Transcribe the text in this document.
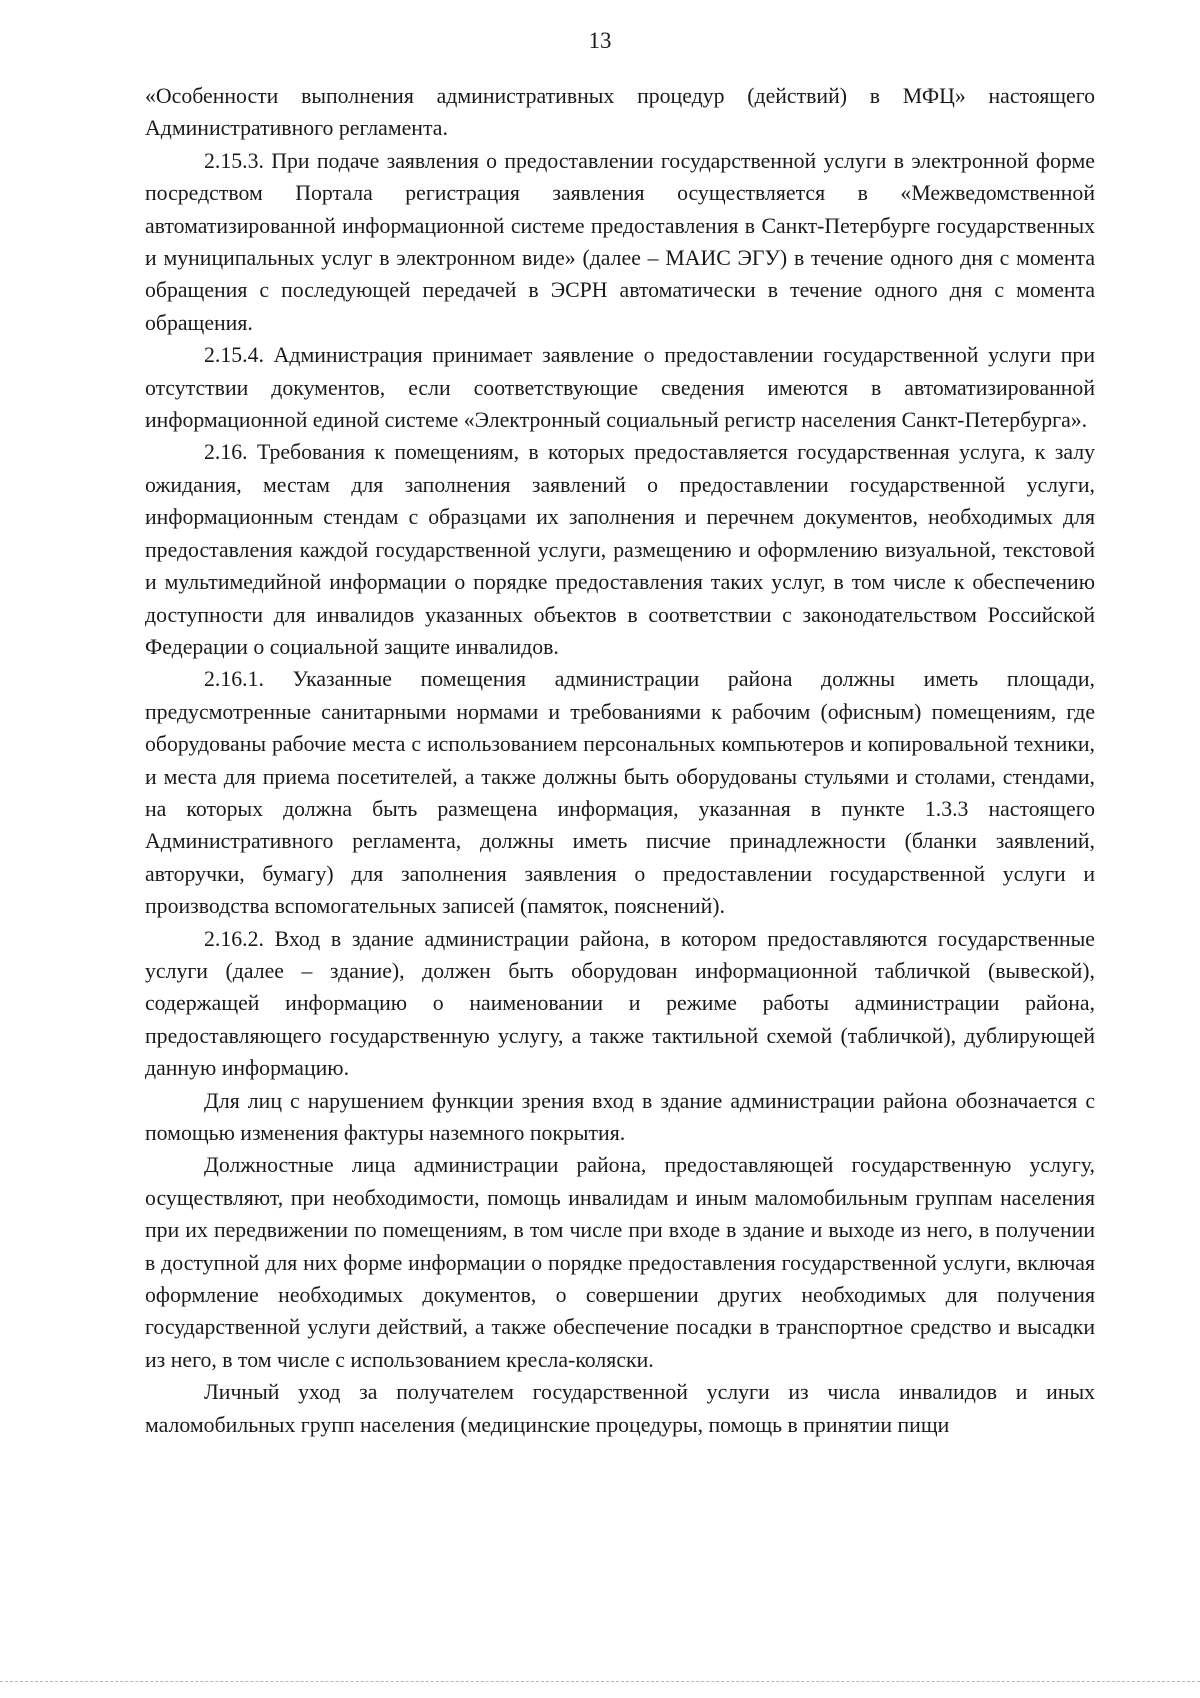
13

«Особенности выполнения административных процедур (действий) в МФЦ» настоящего Административного регламента.

2.15.3. При подаче заявления о предоставлении государственной услуги в электронной форме посредством Портала регистрация заявления осуществляется в «Межведомственной автоматизированной информационной системе предоставления в Санкт-Петербурге государственных и муниципальных услуг в электронном виде» (далее – МАИС ЭГУ) в течение одного дня с момента обращения с последующей передачей в ЭСРН автоматически в течение одного дня с момента обращения.

2.15.4. Администрация принимает заявление о предоставлении государственной услуги при отсутствии документов, если соответствующие сведения имеются в автоматизированной информационной единой системе «Электронный социальный регистр населения Санкт-Петербурга».

2.16. Требования к помещениям, в которых предоставляется государственная услуга, к залу ожидания, местам для заполнения заявлений о предоставлении государственной услуги, информационным стендам с образцами их заполнения и перечнем документов, необходимых для предоставления каждой государственной услуги, размещению и оформлению визуальной, текстовой и мультимедийной информации о порядке предоставления таких услуг, в том числе к обеспечению доступности для инвалидов указанных объектов в соответствии с законодательством Российской Федерации о социальной защите инвалидов.

2.16.1. Указанные помещения администрации района должны иметь площади, предусмотренные санитарными нормами и требованиями к рабочим (офисным) помещениям, где оборудованы рабочие места с использованием персональных компьютеров и копировальной техники, и места для приема посетителей, а также должны быть оборудованы стульями и столами, стендами, на которых должна быть размещена информация, указанная в пункте 1.3.3 настоящего Административного регламента, должны иметь писчие принадлежности (бланки заявлений, авторучки, бумагу) для заполнения заявления о предоставлении государственной услуги и производства вспомогательных записей (памяток, пояснений).

2.16.2. Вход в здание администрации района, в котором предоставляются государственные услуги (далее – здание), должен быть оборудован информационной табличкой (вывеской), содержащей информацию о наименовании и режиме работы администрации района, предоставляющего государственную услугу, а также тактильной схемой (табличкой), дублирующей данную информацию.

Для лиц с нарушением функции зрения вход в здание администрации района обозначается с помощью изменения фактуры наземного покрытия.

Должностные лица администрации района, предоставляющей государственную услугу, осуществляют, при необходимости, помощь инвалидам и иным маломобильным группам населения при их передвижении по помещениям, в том числе при входе в здание и выходе из него, в получении в доступной для них форме информации о порядке предоставления государственной услуги, включая оформление необходимых документов, о совершении других необходимых для получения государственной услуги действий, а также обеспечение посадки в транспортное средство и высадки из него, в том числе с использованием кресла-коляски.

Личный уход за получателем государственной услуги из числа инвалидов и иных маломобильных групп населения (медицинские процедуры, помощь в принятии пищи
